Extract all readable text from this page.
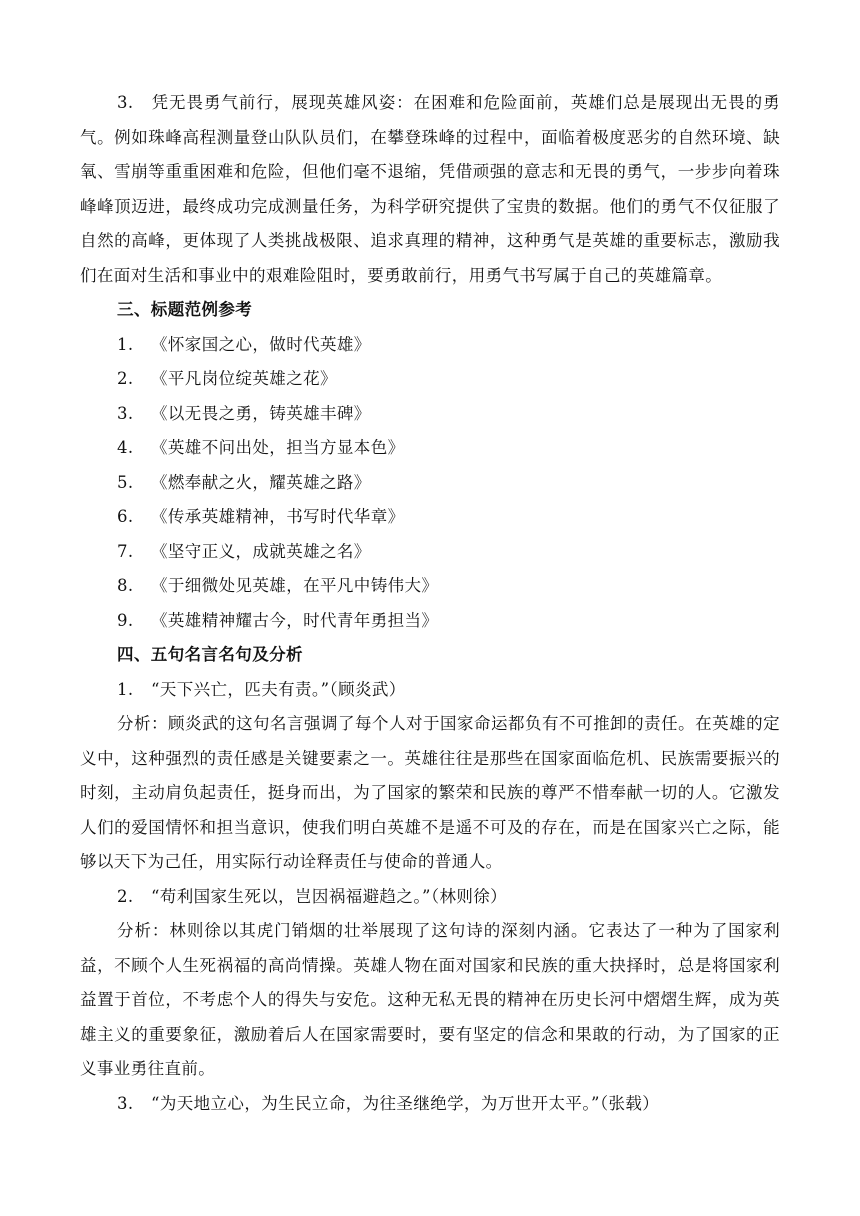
3. 凭无畏勇气前行，展现英雄风姿：在困难和危险面前，英雄们总是展现出无畏的勇气。例如珠峰高程测量登山队队员们，在攀登珠峰的过程中，面临着极度恶劣的自然环境、缺氧、雪崩等重重困难和危险，但他们毫不退缩，凭借顽强的意志和无畏的勇气，一步步向着珠峰峰顶迈进，最终成功完成测量任务，为科学研究提供了宝贵的数据。他们的勇气不仅征服了自然的高峰，更体现了人类挑战极限、追求真理的精神，这种勇气是英雄的重要标志，激励我们在面对生活和事业中的艰难险阻时，要勇敢前行，用勇气书写属于自己的英雄篇章。

三、标题范例参考

1. 《怀家国之心，做时代英雄》

2. 《平凡岗位绽英雄之花》

3. 《以无畏之勇，铸英雄丰碑》

4. 《英雄不问出处，担当方显本色》

5. 《燃奉献之火，耀英雄之路》

6. 《传承英雄精神，书写时代华章》

7. 《坚守正义，成就英雄之名》

8. 《于细微处见英雄，在平凡中铸伟大》

9. 《英雄精神耀古今，时代青年勇担当》

四、五句名言名句及分析

1. “天下兴亡，匹夫有责。”（顾炎武）

分析：顾炎武的这句名言强调了每个人对于国家命运都负有不可推卸的责任。在英雄的定义中，这种强烈的责任感是关键要素之一。英雄往往是那些在国家面临危机、民族需要振兴的时刻，主动肩负起责任，挺身而出，为了国家的繁荣和民族的尊严不惜奉献一切的人。它激发人们的爱国情怀和担当意识，使我们明白英雄不是遥不可及的存在，而是在国家兴亡之际，能够以天下为己任，用实际行动诠释责任与使命的普通人。

2. “苟利国家生死以，岂因祸福避趋之。”（林则徐）

分析：林则徐以其虎门销烟的壮举展现了这句诗的深刻内涵。它表达了一种为了国家利益，不顾个人生死祸福的高尚情操。英雄人物在面对国家和民族的重大抉择时，总是将国家利益置于首位，不考虑个人的得失与安危。这种无私无畏的精神在历史长河中熠熠生辉，成为英雄主义的重要象征，激励着后人在国家需要时，要有坚定的信念和果敢的行动，为了国家的正义事业勇往直前。

3. “为天地立心，为生民立命，为往圣继绝学，为万世开太平。”（张载）
